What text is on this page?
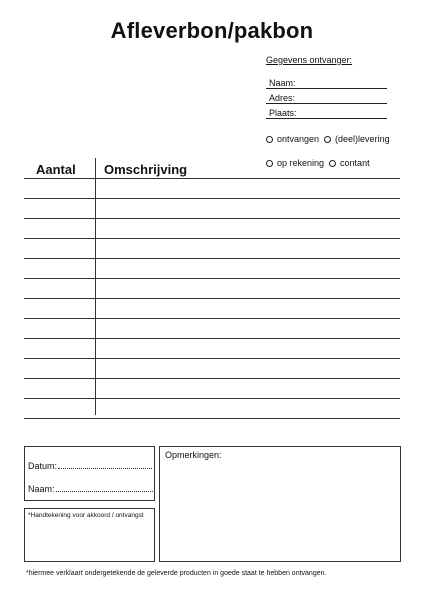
Afleverbon/pakbon
Gegevens ontvanger:
Naam:
Adres:
Plaats:
ontvangen (deel)levering
op rekening contant
Aantal Omschrijving
Datum:
Naam:
*Handtekening voor akkoord / ontvangst
Opmerkingen:
*hiermee verklaart ondergetekende de geleverde producten in goede staat te hebben ontvangen.
